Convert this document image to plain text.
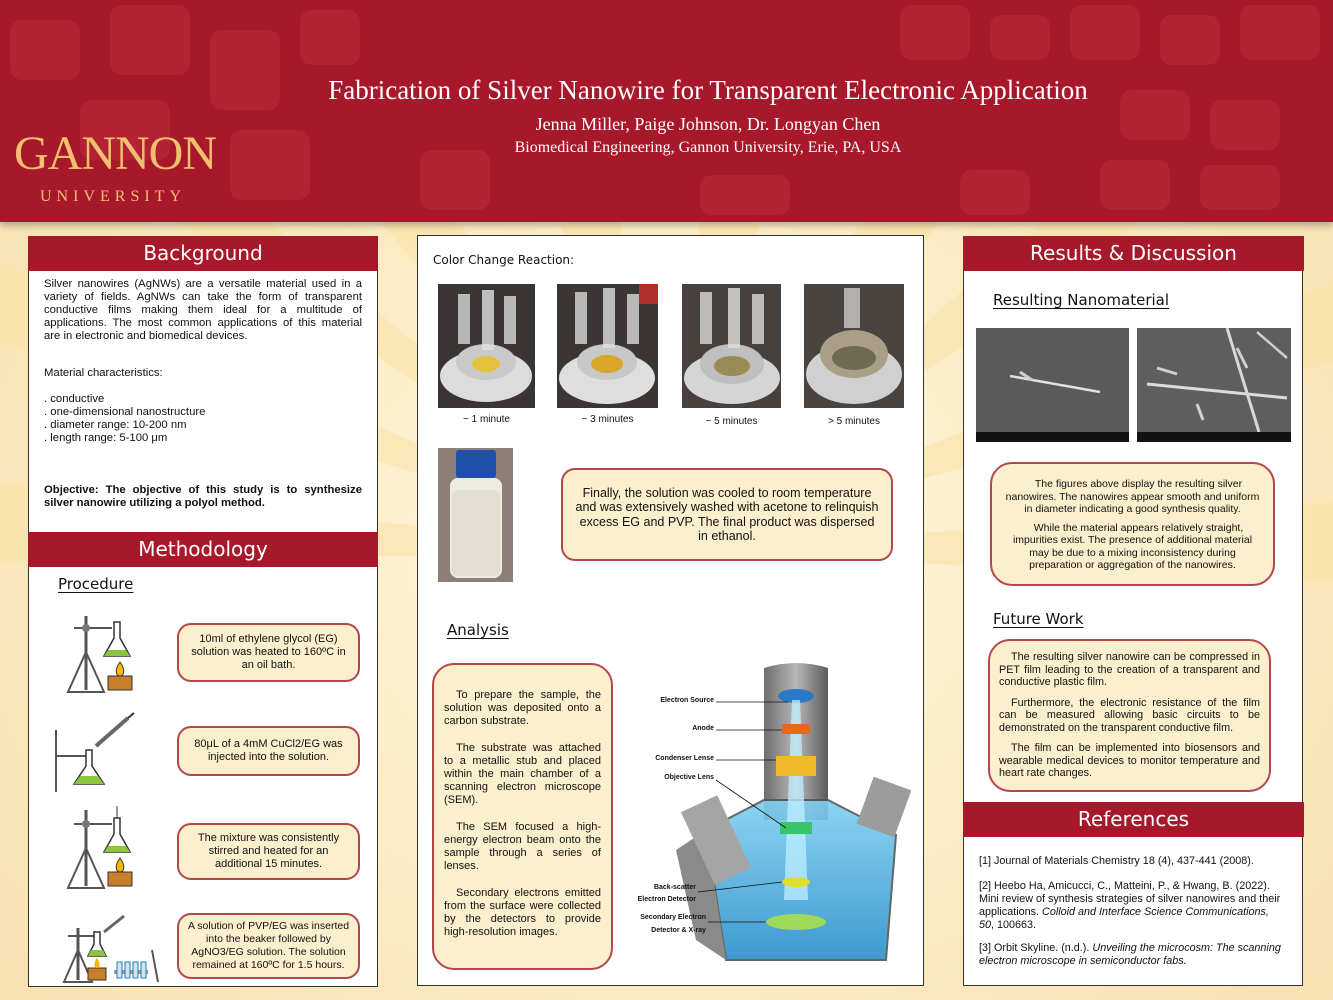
GANNON
UNIVERSITY
Fabrication of Silver Nanowire for Transparent Electronic Application
Jenna Miller, Paige Johnson, Dr. Longyan Chen
Biomedical Engineering, Gannon University, Erie, PA, USA
Background
Silver nanowires (AgNWs) are a versatile material used in a variety of fields. AgNWs can take the form of transparent conductive films making them ideal for a multitude of applications. The most common applications of this material are in electronic and biomedical devices.
Material characteristics:
. conductive
. one-dimensional nanostructure
. diameter range: 10-200 nm
. length range: 5-100 μm
Objective: The objective of this study is to synthesize silver nanowire utilizing a polyol method.
Methodology
Procedure
10ml of ethylene glycol (EG) solution was heated to 160ºC in an oil bath.
80μL of a 4mM CuCl2/EG was injected into the solution.
The mixture was consistently stirred and heated for an additional 15 minutes.
A solution of PVP/EG was inserted into the beaker followed by AgNO3/EG solution. The solution remained at 160ºC for 1.5 hours.
Color Change Reaction:
~ 1 minute	~ 3 minutes	~ 5 minutes	> 5 minutes
Finally, the solution was cooled to room temperature and was extensively washed with acetone to relinquish excess EG and PVP. The final product was dispersed in ethanol.
Analysis

To prepare the sample, the solution was deposited onto a carbon substrate.

The substrate was attached to a metallic stub and placed within the main chamber of a scanning electron microscope (SEM).

The SEM focused a high-energy electron beam onto the sample through a series of lenses.

Secondary electrons emitted from the surface were collected by the detectors to provide high-resolution images.

Electron Source
Anode
Condenser Lense
Objective Lens
Back-scatter
Electron Detector
Secondary Electron
Detector & X-ray
Results & Discussion
Resulting Nanomaterial

The figures above display the resulting silver nanowires. The nanowires appear smooth and uniform in diameter indicating a good synthesis quality.

While the material appears relatively straight, impurities exist. The presence of additional material may be due to a mixing inconsistency during preparation or aggregation of the nanowires.

Future Work

The resulting silver nanowire can be compressed in PET film leading to the creation of a transparent and conductive plastic film.

Furthermore, the electronic resistance of the film can be measured allowing basic circuits to be demonstrated on the transparent conductive film.

The film can be implemented into biosensors and wearable medical devices to monitor temperature and heart rate changes.

References

[1] Journal of Materials Chemistry 18 (4), 437-441 (2008).

[2] Heebo Ha, Amicucci, C., Matteini, P., & Hwang, B. (2022). Mini review of synthesis strategies of silver nanowires and their applications. Colloid and Interface Science Communications, 50, 100663.

[3] Orbit Skyline. (n.d.). Unveiling the microcosm: The scanning electron microscope in semiconductor fabs.
